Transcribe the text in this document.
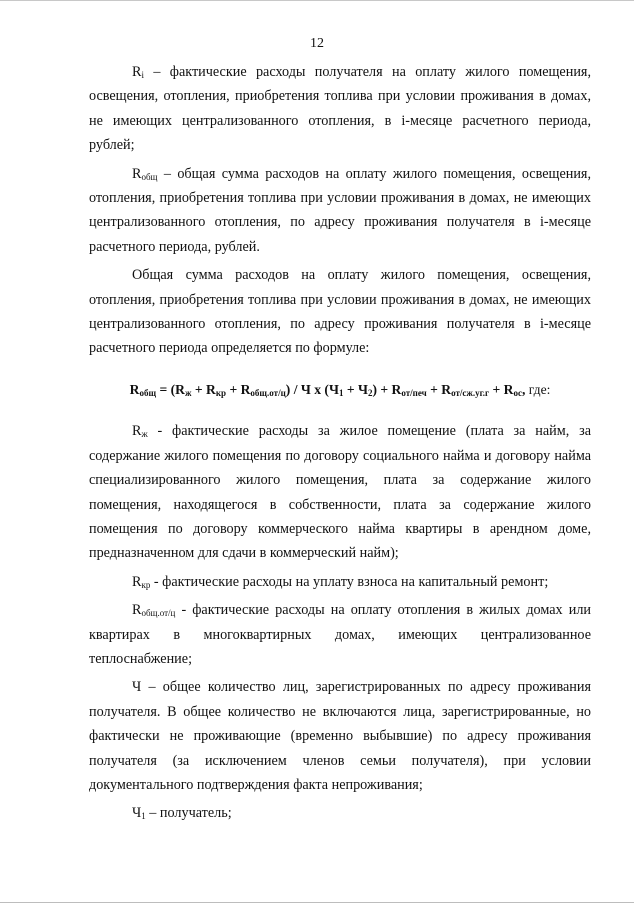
12

$R_i$ – фактические расходы получателя на оплату жилого помещения, освещения, отопления, приобретения топлива при условии проживания в домах, не имеющих централизованного отопления, в i-месяце расчетного периода, рублей;

$R_{общ}$ – общая сумма расходов на оплату жилого помещения, освещения, отопления, приобретения топлива при условии проживания в домах, не имеющих централизованного отопления, по адресу проживания получателя в i-месяце расчетного периода, рублей.

Общая сумма расходов на оплату жилого помещения, освещения, отопления, приобретения топлива при условии проживания в домах, не имеющих централизованного отопления, по адресу проживания получателя в i-месяце расчетного периода определяется по формуле:

$R_{общ} = (R_ж + R_{кр} + R_{общ.от/ц}) / Ч$ х $(Ч_1 + Ч_2) + R_{от/печ} + R_{от/сж.уг.г} + R_{ос}$, где:

$R_ж$ - фактические расходы за жилое помещение (плата за найм, за содержание жилого помещения по договору социального найма и договору найма специализированного жилого помещения, плата за содержание жилого помещения, находящегося в собственности, плата за содержание жилого помещения по договору коммерческого найма квартиры в арендном доме, предназначенном для сдачи в коммерческий найм);

$R_{кр}$ - фактические расходы на уплату взноса на капитальный ремонт;

$R_{общ.от/ц}$ - фактические расходы на оплату отопления в жилых домах или квартирах в многоквартирных домах, имеющих централизованное теплоснабжение;

Ч – общее количество лиц, зарегистрированных по адресу проживания получателя. В общее количество не включаются лица, зарегистрированные, но фактически не проживающие (временно выбывшие) по адресу проживания получателя (за исключением членов семьи получателя), при условии документального подтверждения факта непроживания;

$Ч_1$ – получатель;
